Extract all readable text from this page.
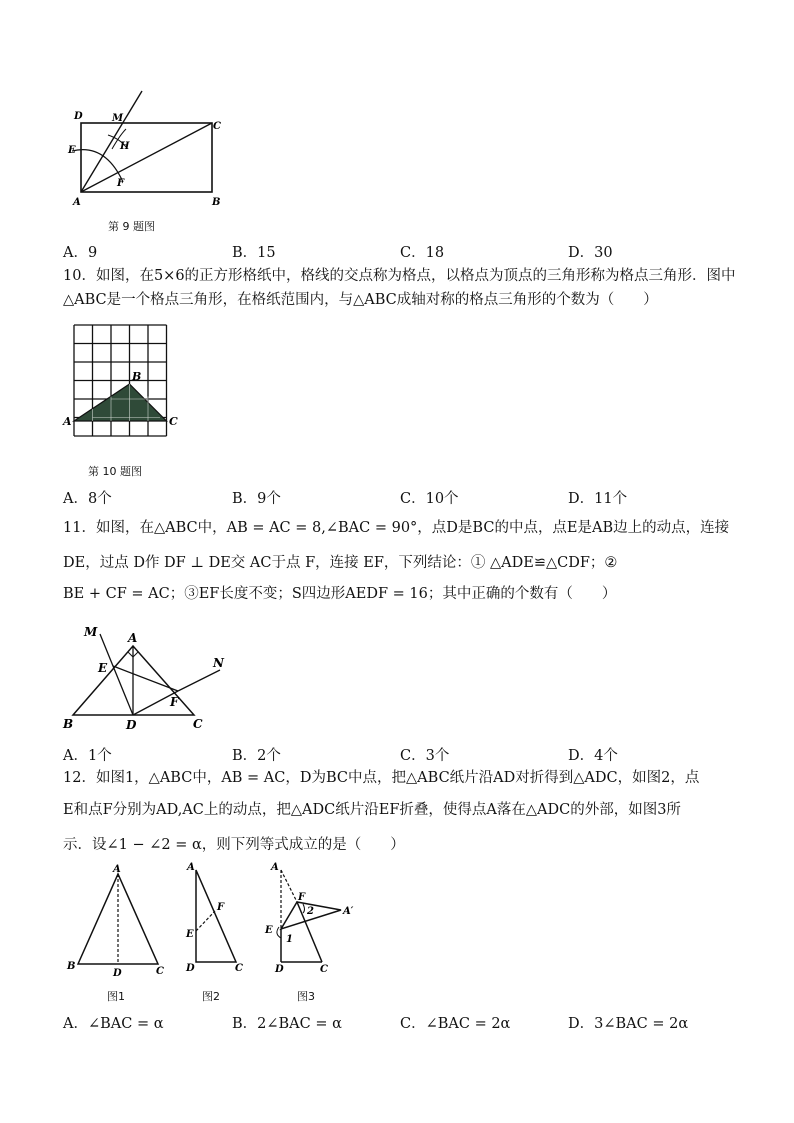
D	M
C
H
E
F
A	B
第 9 题图
A．9	B．15	C．18	D．30
10．如图，在5×6的正方形格纸中，格线的交点称为格点，以格点为顶点的三角形称为格点三角形．图中
△ABC是一个格点三角形，在格纸范围内，与△ABC成轴对称的格点三角形的个数为（　　）
A
B
C
第 10 题图
A．8个	B．9个	C．10个	D．11个
11．如图，在△ABC中，AB = AC = 8,∠BAC = 90°，点D是BC的中点，点E是AB边上的动点，连接
DE，过点 D作 DF ⊥ DE交 AC于点 F，连接 EF，下列结论：① △ADE≌△CDF；②
BE + CF = AC；③EF长度不变；S四边形AEDF = 16；其中正确的个数有（　　）
M	A
E	N
F
B	D	C
A．1个	B．2个	C．3个	D．4个
12．如图1，△ABC中，AB = AC，D为BC中点，把△ABC纸片沿AD对折得到△ADC，如图2，点
E和点F分别为AD,AC上的动点，把△ADC纸片沿EF折叠，使得点A落在△ADC的外部，如图3所
示．设∠1 − ∠2 = α，则下列等式成立的是（　　）
A
B
D	C
A
F
E
D	C
A
F
2	A′
E
1
D	C
图1	图2	图3
A．∠BAC = α	B．2∠BAC = α	C．∠BAC = 2α	D．3∠BAC = 2α
